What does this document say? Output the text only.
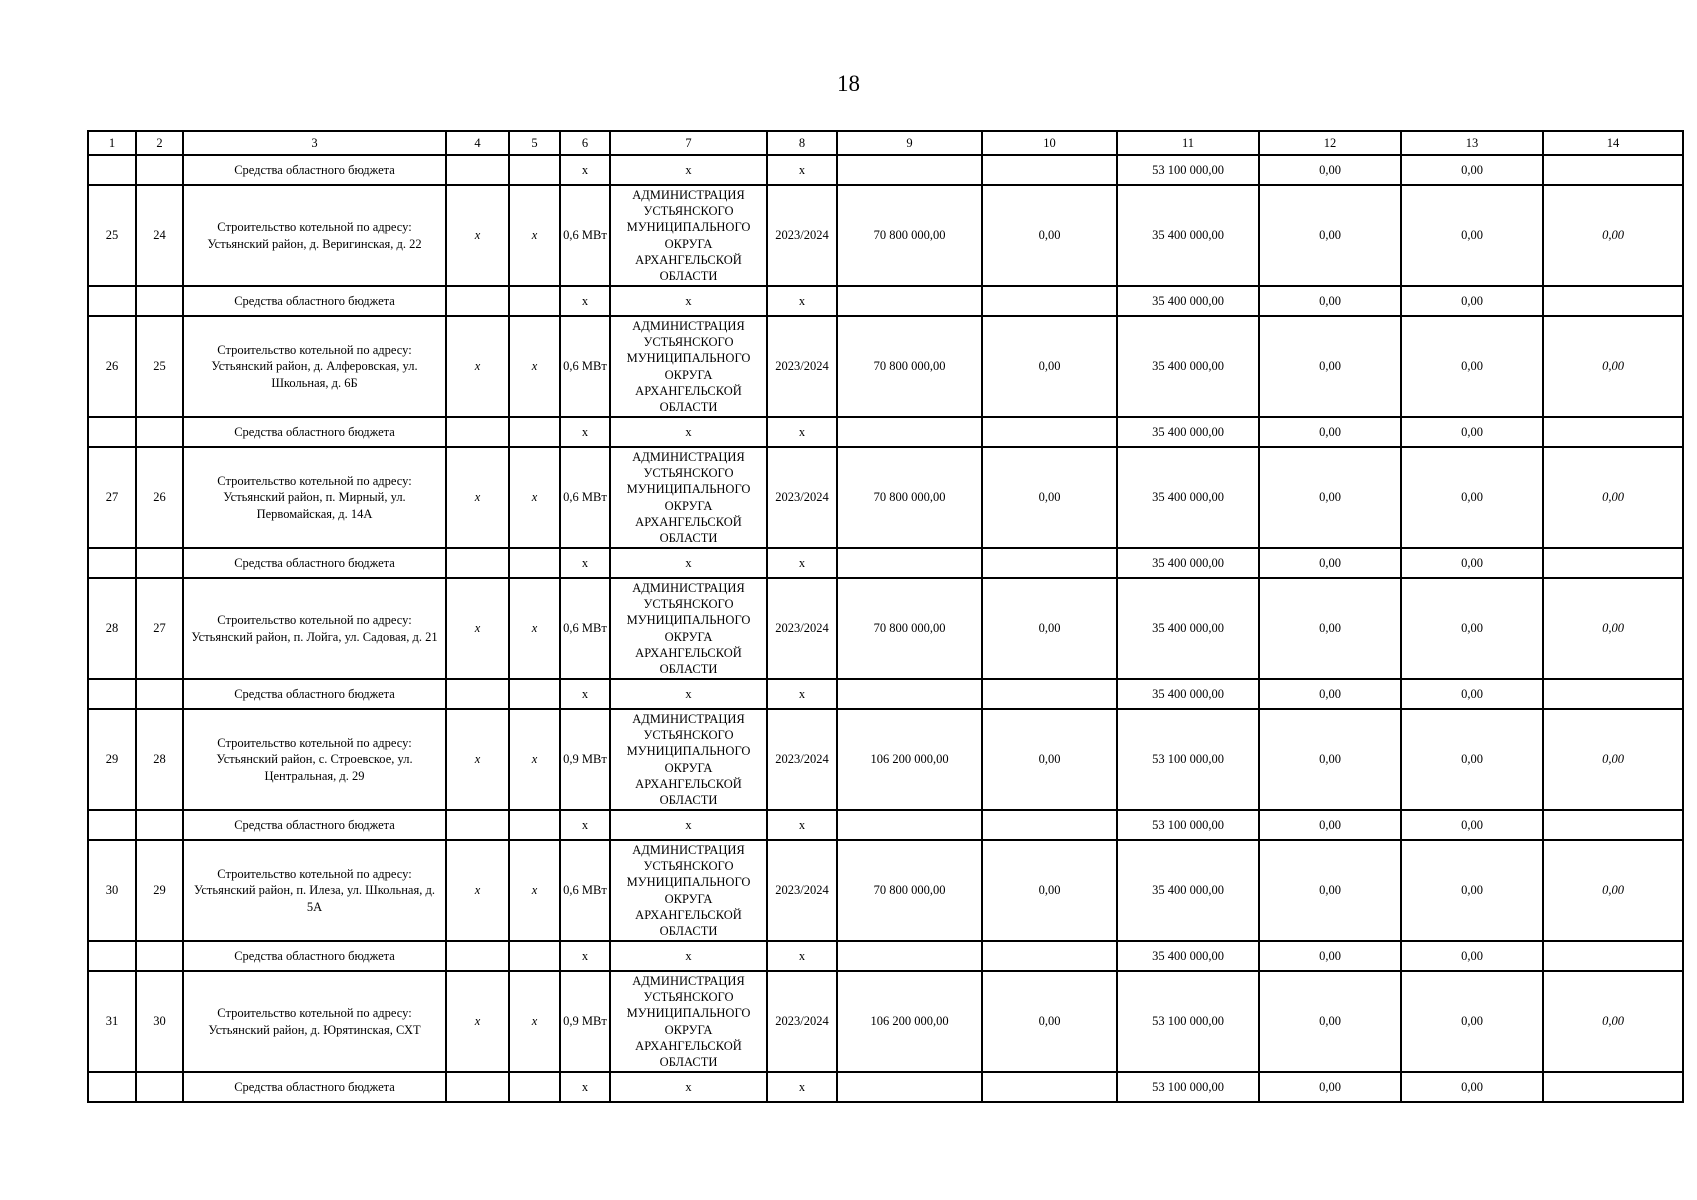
18
1	2	3	4	5	6	7	8	9	10	11	12	13	14
		Средства областного бюджета			x	x	x			53 100 000,00	0,00	0,00	
25	24	Строительство котельной по адресу: Устьянский район, д. Веригинская, д. 22	x	x	0,6 МВт	АДМИНИСТРАЦИЯ УСТЬЯНСКОГО МУНИЦИПАЛЬНОГО ОКРУГА АРХАНГЕЛЬСКОЙ ОБЛАСТИ	2023/2024	70 800 000,00	0,00	35 400 000,00	0,00	0,00	0,00
		Средства областного бюджета			x	x	x			35 400 000,00	0,00	0,00	
26	25	Строительство котельной по адресу: Устьянский район, д. Алферовская, ул. Школьная, д. 6Б	x	x	0,6 МВт	АДМИНИСТРАЦИЯ УСТЬЯНСКОГО МУНИЦИПАЛЬНОГО ОКРУГА АРХАНГЕЛЬСКОЙ ОБЛАСТИ	2023/2024	70 800 000,00	0,00	35 400 000,00	0,00	0,00	0,00
		Средства областного бюджета			x	x	x			35 400 000,00	0,00	0,00	
27	26	Строительство котельной по адресу: Устьянский район, п. Мирный, ул. Первомайская, д. 14А	x	x	0,6 МВт	АДМИНИСТРАЦИЯ УСТЬЯНСКОГО МУНИЦИПАЛЬНОГО ОКРУГА АРХАНГЕЛЬСКОЙ ОБЛАСТИ	2023/2024	70 800 000,00	0,00	35 400 000,00	0,00	0,00	0,00
		Средства областного бюджета			x	x	x			35 400 000,00	0,00	0,00	
28	27	Строительство котельной по адресу: Устьянский район, п. Лойга, ул. Садовая, д. 21	x	x	0,6 МВт	АДМИНИСТРАЦИЯ УСТЬЯНСКОГО МУНИЦИПАЛЬНОГО ОКРУГА АРХАНГЕЛЬСКОЙ ОБЛАСТИ	2023/2024	70 800 000,00	0,00	35 400 000,00	0,00	0,00	0,00
		Средства областного бюджета			x	x	x			35 400 000,00	0,00	0,00	
29	28	Строительство котельной по адресу: Устьянский район, с. Строевское, ул. Центральная, д. 29	x	x	0,9 МВт	АДМИНИСТРАЦИЯ УСТЬЯНСКОГО МУНИЦИПАЛЬНОГО ОКРУГА АРХАНГЕЛЬСКОЙ ОБЛАСТИ	2023/2024	106 200 000,00	0,00	53 100 000,00	0,00	0,00	0,00
		Средства областного бюджета			x	x	x			53 100 000,00	0,00	0,00	
30	29	Строительство котельной по адресу: Устьянский район, п. Илеза, ул. Школьная, д. 5А	x	x	0,6 МВт	АДМИНИСТРАЦИЯ УСТЬЯНСКОГО МУНИЦИПАЛЬНОГО ОКРУГА АРХАНГЕЛЬСКОЙ ОБЛАСТИ	2023/2024	70 800 000,00	0,00	35 400 000,00	0,00	0,00	0,00
		Средства областного бюджета			x	x	x			35 400 000,00	0,00	0,00	
31	30	Строительство котельной по адресу: Устьянский район, д. Юрятинская, СХТ	x	x	0,9 МВт	АДМИНИСТРАЦИЯ УСТЬЯНСКОГО МУНИЦИПАЛЬНОГО ОКРУГА АРХАНГЕЛЬСКОЙ ОБЛАСТИ	2023/2024	106 200 000,00	0,00	53 100 000,00	0,00	0,00	0,00
		Средства областного бюджета			x	x	x			53 100 000,00	0,00	0,00	
